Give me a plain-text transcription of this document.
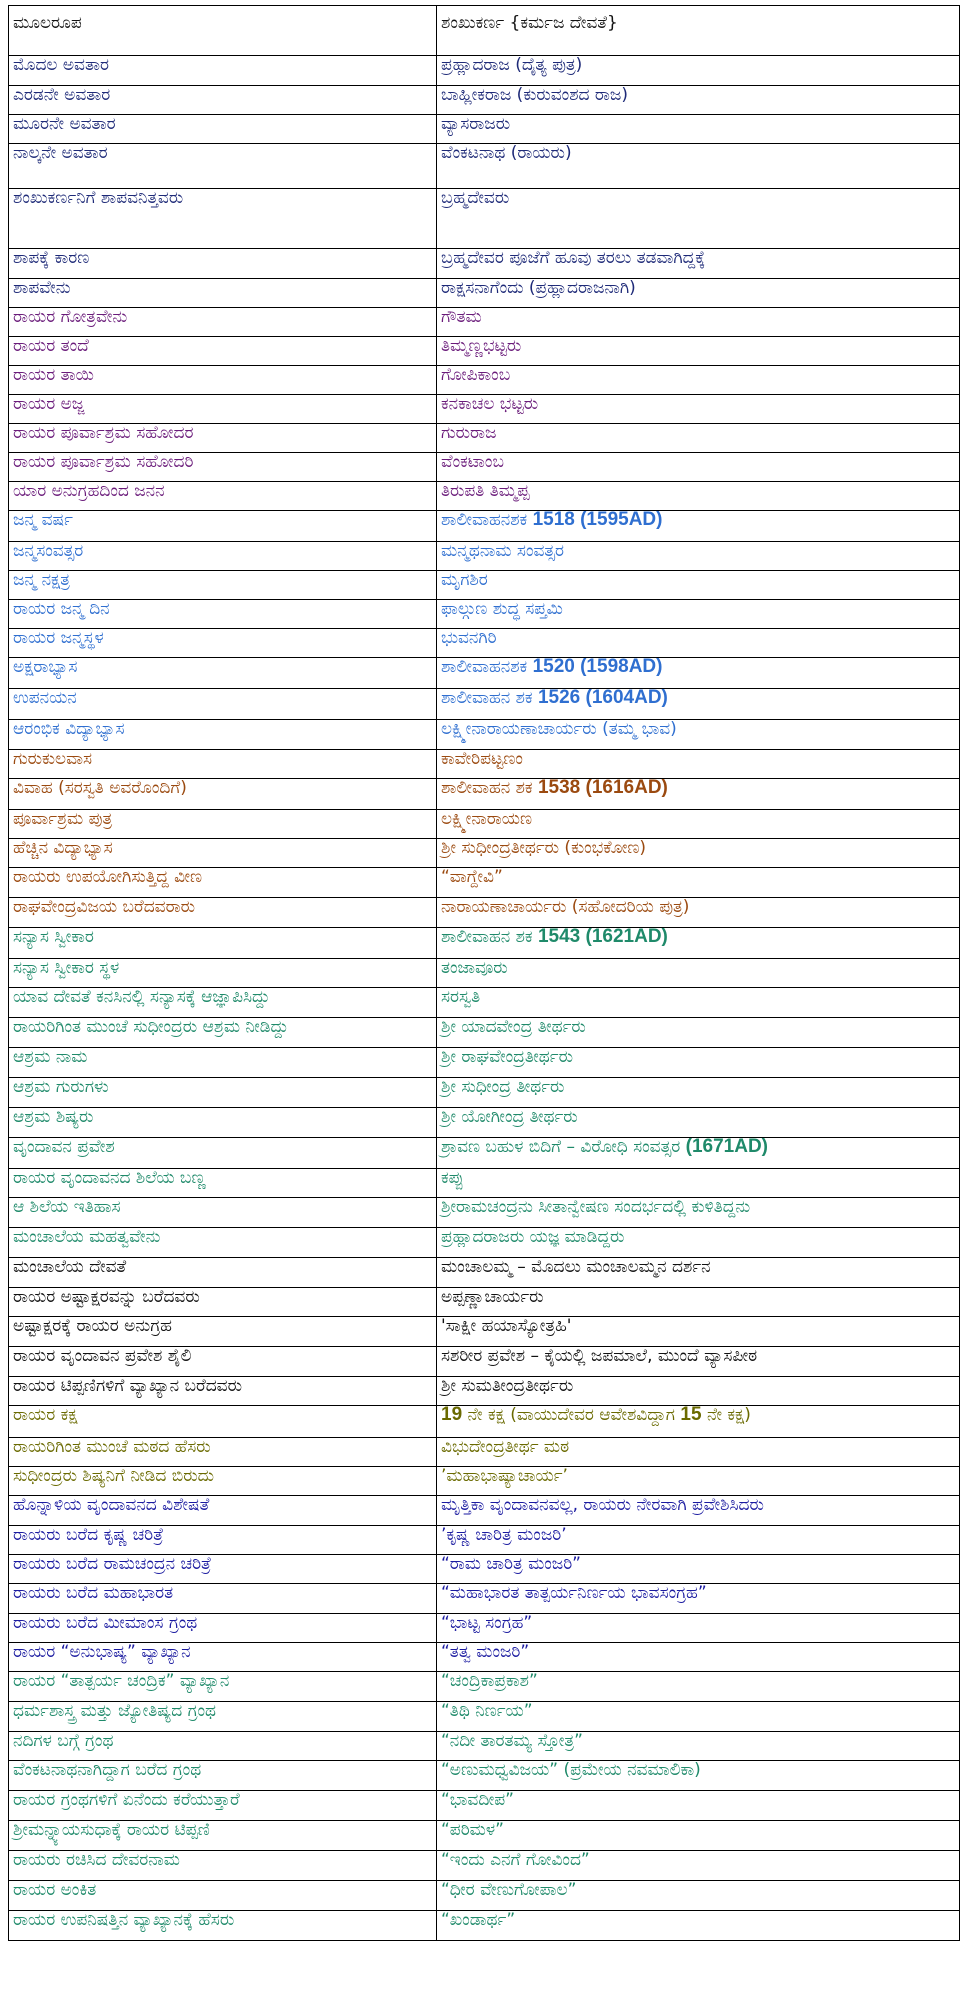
ಮೂಲರೂಪ	ಶಂಖುಕರ್ಣ {ಕರ್ಮಜ ದೇವತೆ}
ಮೊದಲ ಅವತಾರ	ಪ್ರಹ್ಲಾದರಾಜ (ದೈತ್ಯ ಪುತ್ರ)
ಎರಡನೇ ಅವತಾರ	ಬಾಹ್ಲೀಕರಾಜ (ಕುರುವಂಶದ ರಾಜ)
ಮೂರನೇ ಅವತಾರ	ವ್ಯಾಸರಾಜರು
ನಾಲ್ಕನೇ ಅವತಾರ	ವೆಂಕಟನಾಥ (ರಾಯರು)
ಶಂಖುಕರ್ಣನಿಗೆ ಶಾಪವನಿತ್ತವರು	ಬ್ರಹ್ಮದೇವರು
ಶಾಪಕ್ಕೆ ಕಾರಣ	ಬ್ರಹ್ಮದೇವರ ಪೂಜೆಗೆ ಹೂವು ತರಲು ತಡವಾಗಿದ್ದಕ್ಕೆ
ಶಾಪವೇನು	ರಾಕ್ಷಸನಾಗೆಂದು (ಪ್ರಹ್ಲಾದರಾಜನಾಗಿ)
ರಾಯರ ಗೋತ್ರವೇನು	ಗೌತಮ
ರಾಯರ ತಂದೆ	ತಿಮ್ಮಣ್ಣಭಟ್ಟರು
ರಾಯರ ತಾಯಿ	ಗೋಪಿಕಾಂಬ
ರಾಯರ ಅಜ್ಜ	ಕನಕಾಚಲ ಭಟ್ಟರು
ರಾಯರ ಪೂರ್ವಾಶ್ರಮ ಸಹೋದರ	ಗುರುರಾಜ
ರಾಯರ ಪೂರ್ವಾಶ್ರಮ ಸಹೋದರಿ	ವೆಂಕಟಾಂಬ
ಯಾರ ಅನುಗ್ರಹದಿಂದ ಜನನ	ತಿರುಪತಿ ತಿಮ್ಮಪ್ಪ
ಜನ್ಮ ವರ್ಷ	ಶಾಲೀವಾಹನಶಕ 1518 (1595AD)
ಜನ್ಮಸಂವತ್ಸರ	ಮನ್ಮಥನಾಮ ಸಂವತ್ಸರ
ಜನ್ಮ ನಕ್ಷತ್ರ	ಮೃಗಶಿರ
ರಾಯರ ಜನ್ಮ ದಿನ	ಫಾಲ್ಗುಣ ಶುದ್ಧ ಸಪ್ತಮಿ
ರಾಯರ ಜನ್ಮಸ್ಥಳ	ಭುವನಗಿರಿ
ಅಕ್ಷರಾಭ್ಯಾಸ	ಶಾಲೀವಾಹನಶಕ 1520 (1598AD)
ಉಪನಯನ	ಶಾಲೀವಾಹನ ಶಕ 1526 (1604AD)
ಆರಂಭಿಕ ವಿದ್ಯಾಭ್ಯಾಸ	ಲಕ್ಷ್ಮೀನಾರಾಯಣಾಚಾರ್ಯರು (ತಮ್ಮ ಭಾವ)
ಗುರುಕುಲವಾಸ	ಕಾವೇರಿಪಟ್ಟಣಂ
ವಿವಾಹ (ಸರಸ್ವತಿ ಅವರೊಂದಿಗೆ)	ಶಾಲೀವಾಹನ ಶಕ 1538 (1616AD)
ಪೂರ್ವಾಶ್ರಮ ಪುತ್ರ	ಲಕ್ಷ್ಮೀನಾರಾಯಣ
ಹೆಚ್ಚಿನ ವಿದ್ಯಾಭ್ಯಾಸ	ಶ್ರೀ ಸುಧೀಂದ್ರತೀರ್ಥರು (ಕುಂಭಕೋಣ)
ರಾಯರು ಉಪಯೋಗಿಸುತ್ತಿದ್ದ ವೀಣ	“ವಾಗ್ದೇವಿ”
ರಾಘವೇಂದ್ರವಿಜಯ ಬರೆದವರಾರು	ನಾರಾಯಣಾಚಾರ್ಯರು (ಸಹೋದರಿಯ ಪುತ್ರ)
ಸನ್ಯಾಸ ಸ್ವೀಕಾರ	ಶಾಲೀವಾಹನ ಶಕ 1543 (1621AD)
ಸನ್ಯಾಸ ಸ್ವೀಕಾರ ಸ್ಥಳ	ತಂಜಾವೂರು
ಯಾವ ದೇವತೆ ಕನಸಿನಲ್ಲಿ ಸನ್ಯಾಸಕ್ಕೆ ಆಜ್ಞಾಪಿಸಿದ್ದು	ಸರಸ್ವತಿ
ರಾಯರಿಗಿಂತ ಮುಂಚೆ ಸುಧೀಂದ್ರರು ಆಶ್ರಮ ನೀಡಿದ್ದು	ಶ್ರೀ ಯಾದವೇಂದ್ರ ತೀರ್ಥರು
ಆಶ್ರಮ ನಾಮ	ಶ್ರೀ ರಾಘವೇಂದ್ರತೀರ್ಥರು
ಆಶ್ರಮ ಗುರುಗಳು	ಶ್ರೀ ಸುಧೀಂದ್ರ ತೀರ್ಥರು
ಆಶ್ರಮ ಶಿಷ್ಯರು	ಶ್ರೀ ಯೋಗೀಂದ್ರ ತೀರ್ಥರು
ವೃಂದಾವನ ಪ್ರವೇಶ	ಶ್ರಾವಣ ಬಹುಳ ಬಿದಿಗೆ – ವಿರೋಧಿ ಸಂವತ್ಸರ (1671AD)
ರಾಯರ ವೃಂದಾವನದ ಶಿಲೆಯ ಬಣ್ಣ	ಕಪ್ಪು
ಆ ಶಿಲೆಯ ಇತಿಹಾಸ	ಶ್ರೀರಾಮಚಂದ್ರನು ಸೀತಾನ್ವೇಷಣ ಸಂದರ್ಭದಲ್ಲಿ ಕುಳಿತಿದ್ದನು
ಮಂಚಾಲೆಯ ಮಹತ್ವವೇನು	ಪ್ರಹ್ಲಾದರಾಜರು ಯಜ್ಞ ಮಾಡಿದ್ದರು
ಮಂಚಾಲೆಯ ದೇವತೆ	ಮಂಚಾಲಮ್ಮ – ಮೊದಲು ಮಂಚಾಲಮ್ಮನ ದರ್ಶನ
ರಾಯರ ಅಷ್ಟಾಕ್ಷರವನ್ನು ಬರೆದವರು	ಅಪ್ಪಣ್ಣಾಚಾರ್ಯರು
ಅಷ್ಟಾಕ್ಷರಕ್ಕೆ ರಾಯರ ಅನುಗ್ರಹ	'ಸಾಕ್ಷೀ ಹಯಾಸ್ಯೋತ್ರಹಿ'
ರಾಯರ ವೃಂದಾವನ ಪ್ರವೇಶ ಶೈಲಿ	ಸಶರೀರ ಪ್ರವೇಶ – ಕೈಯಲ್ಲಿ ಜಪಮಾಲೆ, ಮುಂದೆ ವ್ಯಾಸಪೀಠ
ರಾಯರ ಟಿಪ್ಪಣಿಗಳಿಗೆ ವ್ಯಾಖ್ಯಾನ ಬರೆದವರು	ಶ್ರೀ ಸುಮತೀಂದ್ರತೀರ್ಥರು
ರಾಯರ ಕಕ್ಷ	19 ನೇ ಕಕ್ಷ (ವಾಯುದೇವರ ಆವೇಶವಿದ್ದಾಗ 15 ನೇ ಕಕ್ಷ)
ರಾಯರಿಗಿಂತ ಮುಂಚೆ ಮಠದ ಹೆಸರು	ವಿಭುದೇಂದ್ರತೀರ್ಥ ಮಠ
ಸುಧೀಂದ್ರರು ಶಿಷ್ಯನಿಗೆ ನೀಡಿದ ಬಿರುದು	’ಮಹಾಭಾಷ್ಯಾಚಾರ್ಯ’
ಹೊನ್ನಾಳಿಯ ವೃಂದಾವನದ ವಿಶೇಷತೆ	ಮೃತ್ತಿಕಾ ವೃಂದಾವನವಲ್ಲ, ರಾಯರು ನೇರವಾಗಿ ಪ್ರವೇಶಿಸಿದರು
ರಾಯರು ಬರೆದ ಕೃಷ್ಣ ಚರಿತ್ರೆ	’ಕೃಷ್ಣ ಚಾರಿತ್ರ ಮಂಜರಿ’
ರಾಯರು ಬರೆದ ರಾಮಚಂದ್ರನ ಚರಿತ್ರೆ	“ರಾಮ ಚಾರಿತ್ರ ಮಂಜರಿ”
ರಾಯರು ಬರೆದ ಮಹಾಭಾರತ	“ಮಹಾಭಾರತ ತಾತ್ಪರ್ಯನಿರ್ಣಯ ಭಾವಸಂಗ್ರಹ”
ರಾಯರು ಬರೆದ ಮೀಮಾಂಸ ಗ್ರಂಥ	“ಭಾಟ್ಟ ಸಂಗ್ರಹ”
ರಾಯರ “ಅನುಭಾಷ್ಯ” ವ್ಯಾಖ್ಯಾನ	“ತತ್ವ ಮಂಜರಿ”
ರಾಯರ “ತಾತ್ಪರ್ಯ ಚಂದ್ರಿಕ” ವ್ಯಾಖ್ಯಾನ	“ಚಂದ್ರಿಕಾಪ್ರಕಾಶ”
ಧರ್ಮಶಾಸ್ತ್ರ ಮತ್ತು ಜ್ಯೋತಿಷ್ಯದ ಗ್ರಂಥ	“ತಿಥಿ ನಿರ್ಣಯ”
ನದಿಗಳ ಬಗ್ಗೆ ಗ್ರಂಥ	“ನದೀ ತಾರತಮ್ಯ ಸ್ತೋತ್ರ”
ವೆಂಕಟನಾಥನಾಗಿದ್ದಾಗ ಬರೆದ ಗ್ರಂಥ	“ಅಣುಮಧ್ವವಿಜಯ” (ಪ್ರಮೇಯ ನವಮಾಲಿಕಾ)
ರಾಯರ ಗ್ರಂಥಗಳಿಗೆ ಏನೆಂದು ಕರೆಯುತ್ತಾರೆ	“ಭಾವದೀಪ”
ಶ್ರೀಮನ್ನ್ಯಾಯಸುಧಾಕ್ಕೆ ರಾಯರ ಟಿಪ್ಪಣಿ	“ಪರಿಮಳ”
ರಾಯರು ರಚಿಸಿದ ದೇವರನಾಮ	“ಇಂದು ಎನಗೆ ಗೋವಿಂದ”
ರಾಯರ ಅಂಕಿತ	“ಧೀರ ವೇಣುಗೋಪಾಲ”
ರಾಯರ ಉಪನಿಷತ್ತಿನ ವ್ಯಾಖ್ಯಾನಕ್ಕೆ ಹೆಸರು	“ಖಂಡಾರ್ಥ”
